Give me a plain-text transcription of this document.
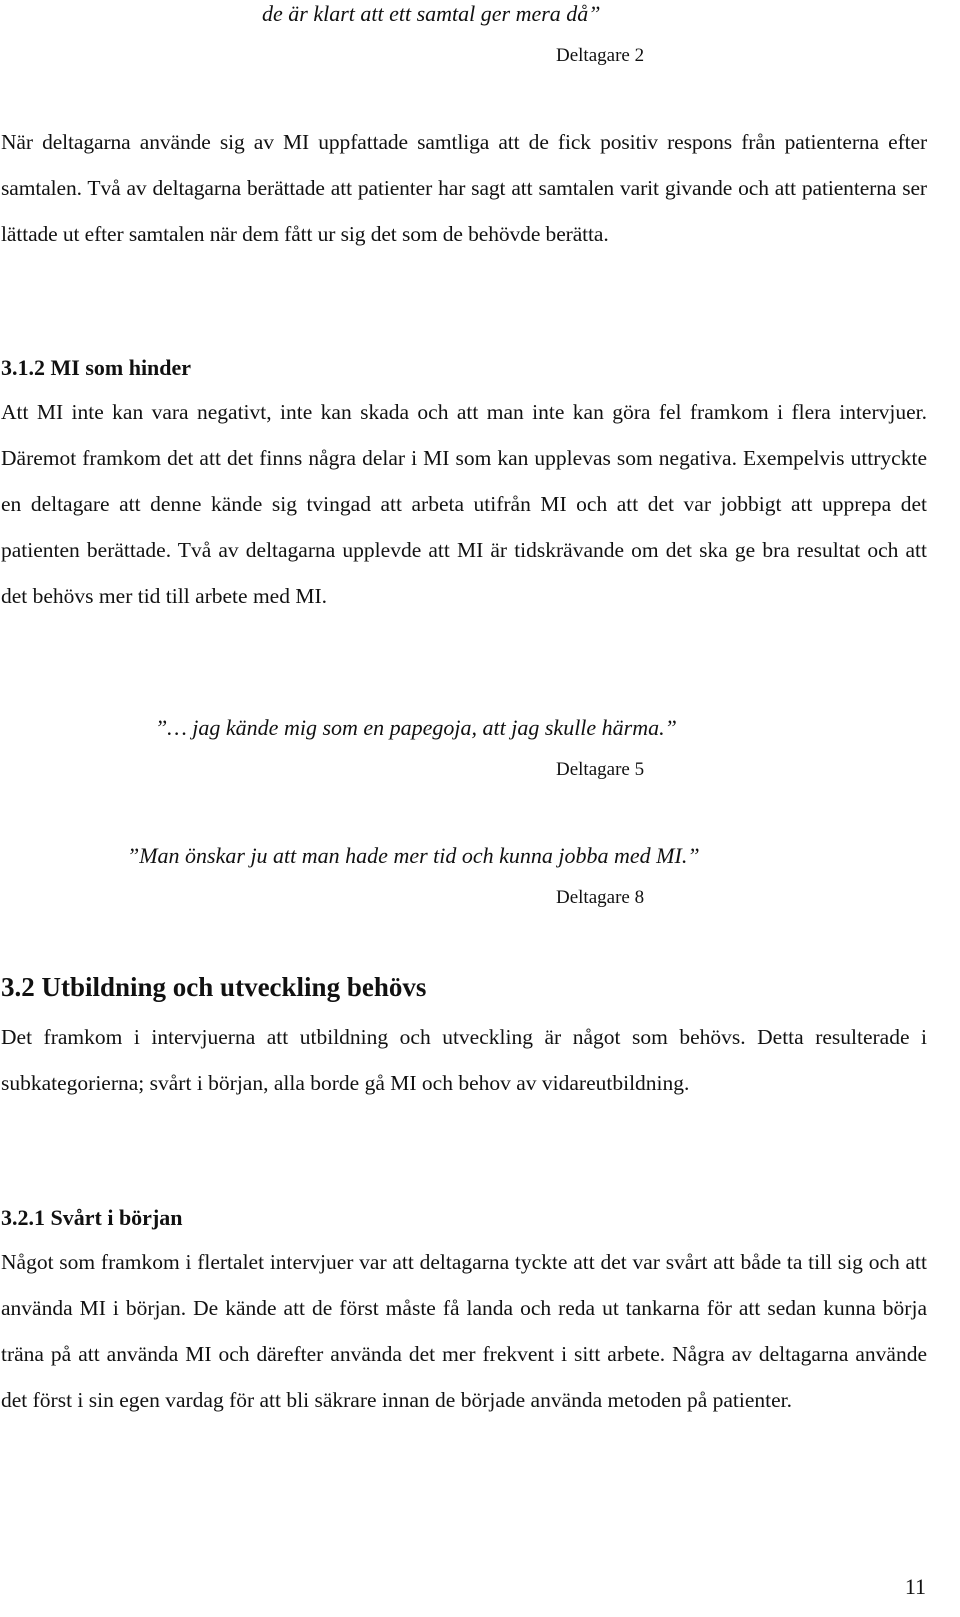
de är klart att ett samtal ger mera då”
Deltagare 2

När deltagarna använde sig av MI uppfattade samtliga att de fick positiv respons från patienterna efter samtalen. Två av deltagarna berättade att patienter har sagt att samtalen varit givande och att patienterna ser lättade ut efter samtalen när dem fått ur sig det som de behövde berätta.

3.1.2 MI som hinder

Att MI inte kan vara negativt, inte kan skada och att man inte kan göra fel framkom i flera intervjuer. Däremot framkom det att det finns några delar i MI som kan upplevas som negativa. Exempelvis uttryckte en deltagare att denne kände sig tvingad att arbeta utifrån MI och att det var jobbigt att upprepa det patienten berättade. Två av deltagarna upplevde att MI är tidskrävande om det ska ge bra resultat och att det behövs mer tid till arbete med MI.

”… jag kände mig som en papegoja, att jag skulle härma.”
Deltagare 5
”Man önskar ju att man hade mer tid och kunna jobba med MI.”
Deltagare 8
3.2 Utbildning och utveckling behövs

Det framkom i intervjuerna att utbildning och utveckling är något som behövs. Detta resulterade i subkategorierna; svårt i början, alla borde gå MI och behov av vidareutbildning.

3.2.1 Svårt i början

Något som framkom i flertalet intervjuer var att deltagarna tyckte att det var svårt att både ta till sig och att använda MI i början. De kände att de först måste få landa och reda ut tankarna för att sedan kunna börja träna på att använda MI och därefter använda det mer frekvent i sitt arbete. Några av deltagarna använde det först i sin egen vardag för att bli säkrare innan de började använda metoden på patienter.

11
